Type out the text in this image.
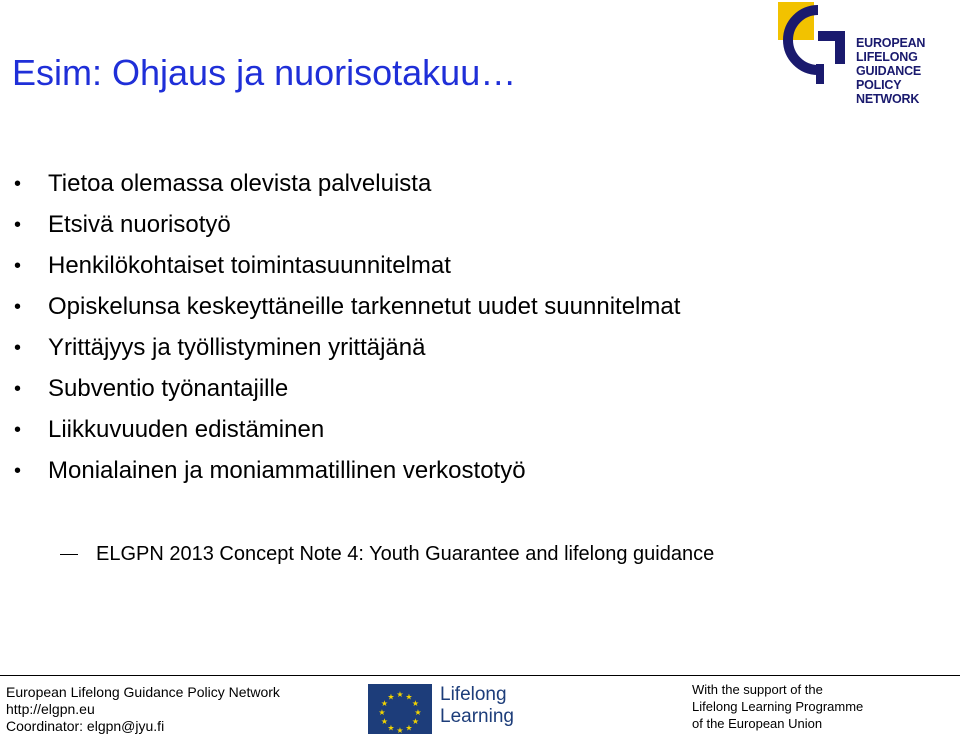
Esim: Ohjaus ja nuorisotakuu…
EUROPEAN LIFELONG
GUIDANCE POLICY
NETWORK
• Tietoa olemassa olevista palveluista
• Etsivä nuorisotyö
• Henkilökohtaiset toimintasuunnitelmat
• Opiskelunsa keskeyttäneille tarkennetut uudet suunnitelmat
• Yrittäjyys ja työllistyminen yrittäjänä
• Subventio työnantajille
• Liikkuvuuden edistäminen
• Monialainen ja moniammatillinen verkostotyö
ELGPN 2013 Concept Note 4: Youth Guarantee and lifelong guidance
European Lifelong Guidance Policy Network
http://elgpn.eu
Coordinator: elgpn@jyu.fi
★ ★
★
★
★
★
★
★
★
★
★
★ Lifelong
Learning
With the support of the
Lifelong Learning Programme
of the European Union
